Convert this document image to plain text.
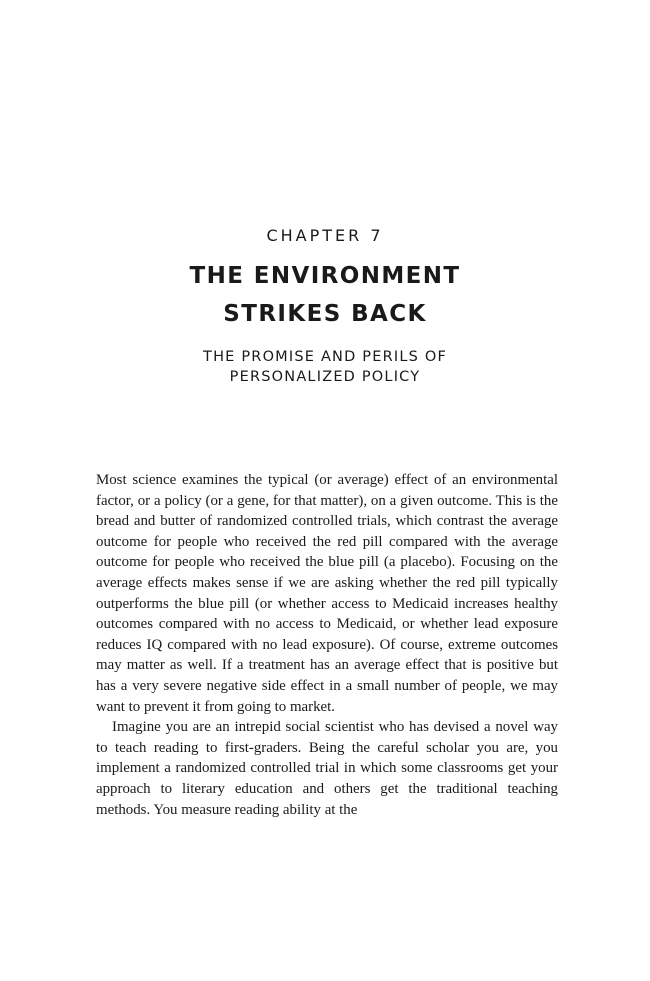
CHAPTER 7
THE ENVIRONMENT
STRIKES BACK
THE PROMISE AND PERILS OF
PERSONALIZED POLICY

Most science examines the typical (or average) effect of an environmental factor, or a policy (or a gene, for that matter), on a given outcome. This is the bread and butter of randomized controlled trials, which contrast the average outcome for people who received the red pill compared with the average outcome for people who received the blue pill (a placebo). Focusing on the average effects makes sense if we are asking whether the red pill typically outperforms the blue pill (or whether access to Medicaid increases healthy outcomes compared with no access to Medicaid, or whether lead exposure reduces IQ compared with no lead exposure). Of course, extreme outcomes may matter as well. If a treatment has an average effect that is positive but has a very severe negative side effect in a small number of people, we may want to prevent it from going to market.

Imagine you are an intrepid social scientist who has devised a novel way to teach reading to first-graders. Being the careful scholar you are, you implement a randomized controlled trial in which some classrooms get your approach to literary education and others get the traditional teaching methods. You measure reading ability at the
